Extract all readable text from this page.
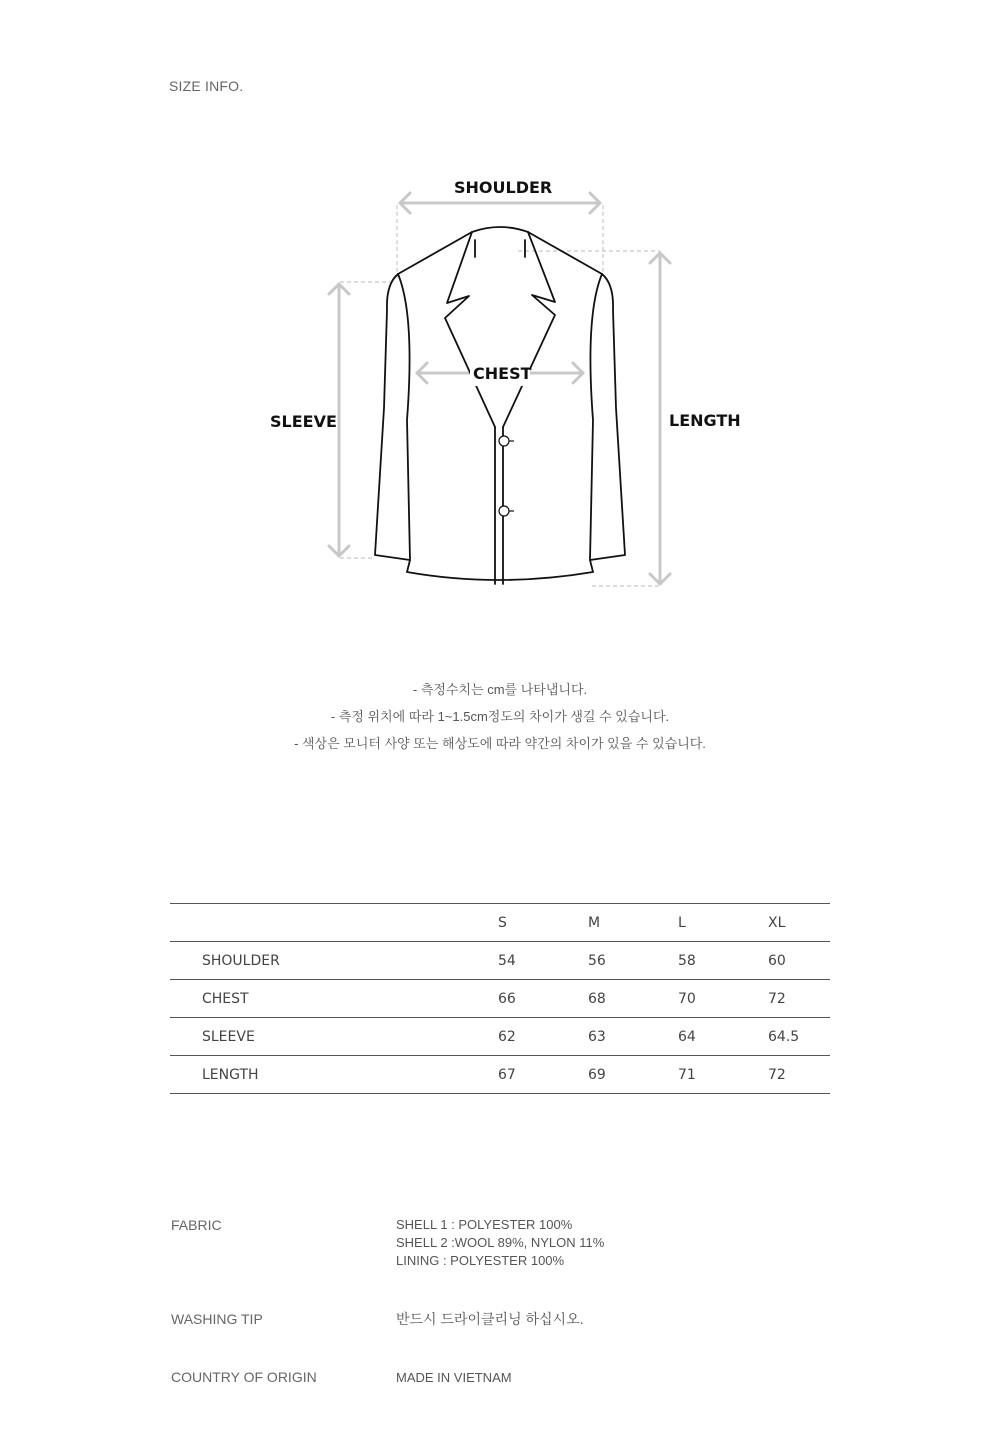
SIZE INFO.
SHOULDER
CHEST
SLEEVE	LENGTH
- 측정수치는 cm를 나타냅니다.
- 측정 위치에 따라 1~1.5cm정도의 차이가 생길 수 있습니다.
- 색상은 모니터 사양 또는 해상도에 따라 약간의 차이가 있을 수 있습니다.
	S	M	L	XL
SHOULDER	54	56	58	60
CHEST	66	68	70	72
SLEEVE	62	63	64	64.5
LENGTH	67	69	71	72
FABRIC	SHELL 1 : POLYESTER 100%
SHELL 2 :WOOL 89%, NYLON 11%
LINING : POLYESTER 100%
WASHING TIP	반드시 드라이클리닝 하십시오.
COUNTRY OF ORIGIN	MADE IN VIETNAM
